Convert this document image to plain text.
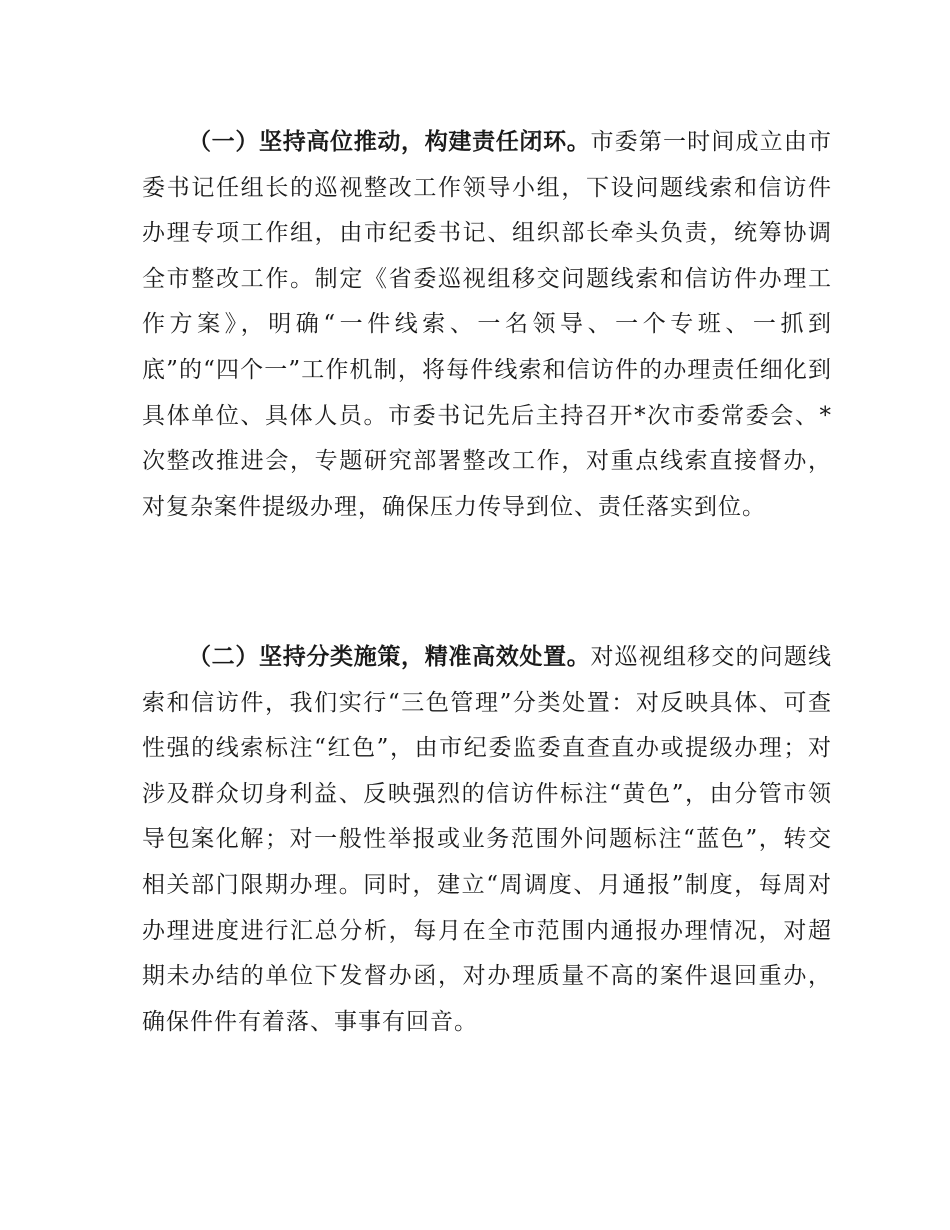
（一）坚持高位推动，构建责任闭环。市委第一时间成立由市委书记任组长的巡视整改工作领导小组，下设问题线索和信访件办理专项工作组，由市纪委书记、组织部长牵头负责，统筹协调全市整改工作。制定《省委巡视组移交问题线索和信访件办理工作方案》，明确“一件线索、一名领导、一个专班、一抓到底”的“四个一”工作机制，将每件线索和信访件的办理责任细化到具体单位、具体人员。市委书记先后主持召开*次市委常委会、*次整改推进会，专题研究部署整改工作，对重点线索直接督办，对复杂案件提级办理，确保压力传导到位、责任落实到位。

（二）坚持分类施策，精准高效处置。对巡视组移交的问题线索和信访件，我们实行“三色管理”分类处置：对反映具体、可查性强的线索标注“红色”，由市纪委监委直查直办或提级办理；对涉及群众切身利益、反映强烈的信访件标注“黄色”，由分管市领导包案化解；对一般性举报或业务范围外问题标注“蓝色”，转交相关部门限期办理。同时，建立“周调度、月通报”制度，每周对办理进度进行汇总分析，每月在全市范围内通报办理情况，对超期未办结的单位下发督办函，对办理质量不高的案件退回重办，确保件件有着落、事事有回音。
